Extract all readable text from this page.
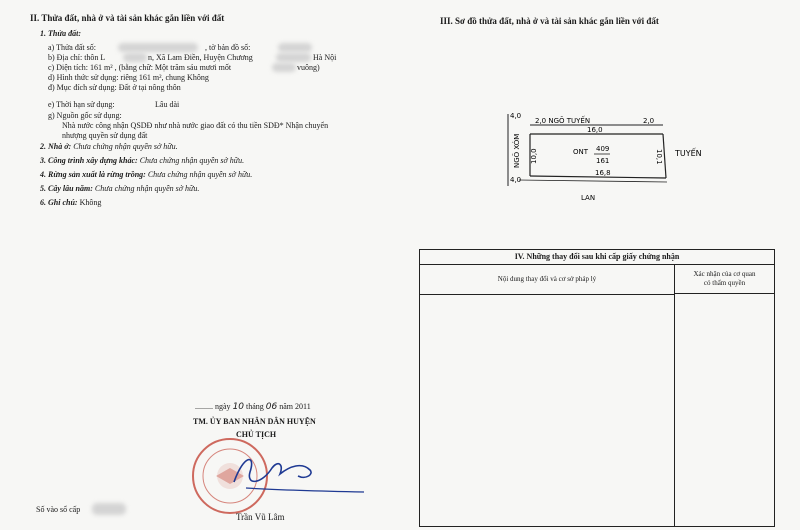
II. Thửa đất, nhà ở và tài sản khác gắn liền với đất
1. Thửa đất:
a) Thửa đất số:	, tờ bản đồ số:
b) Địa chỉ: thôn L	n, Xã Lam Điền, Huyện Chương	Hà Nội
c) Diện tích: 161 m² , (bằng chữ: Một trăm sáu mươi mốt	vuông)
d) Hình thức sử dụng: riêng 161 m², chung Không
đ) Mục đích sử dụng: Đất ở tại nông thôn
e) Thời hạn sử dụng:	Lâu dài
g) Nguồn gốc sử dụng:
Nhà nước công nhận QSDĐ như nhà nước giao đất có thu tiền SDĐ* Nhận chuyển
nhượng quyền sử dụng đất
2. Nhà ở: Chưa chứng nhận quyền sở hữu.
3. Công trình xây dựng khác: Chưa chứng nhận quyền sở hữu.
4. Rừng sản xuất là rừng trồng: Chưa chứng nhận quyền sở hữu.
5. Cây lâu năm: Chưa chứng nhận quyền sở hữu.
6. Ghi chú: Không
......... ngày 10 tháng 06 năm 2011
TM. ỦY BAN NHÂN DÂN HUYỆN
CHỦ TỊCH
Trần Vũ Lâm
Số vào sổ cấp
III. Sơ đồ thửa đất, nhà ở và tài sản khác gắn liền với đất
4,0
2,0 NGÕ TUYẾN	2,0
16,0
NGÕ XÓM 10,0	ONT 409
161	10,1 TUYẾN
4,0
16,8
LAN
IV. Những thay đổi sau khi cấp giấy chứng nhận
Nội dung thay đổi và cơ sở pháp lý
Xác nhận của cơ quan
có thẩm quyền
